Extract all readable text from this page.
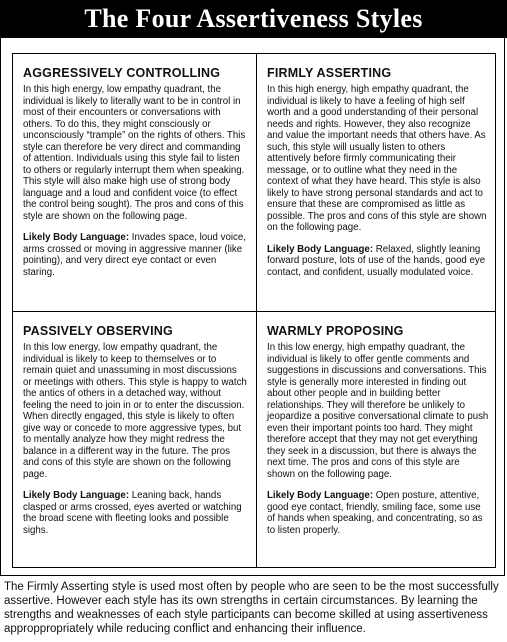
The Four Assertiveness Styles
AGGRESSIVELY CONTROLLING

In this high energy, low empathy quadrant, the individual is likely to literally want to be in control in most of their encounters or conversations with others. To do this, they might consciously or unconsciously “trample” on the rights of others. This style can therefore be very direct and commanding of attention. Individuals using this style fail to listen to others or regularly interrupt them when speaking. This style will also make high use of strong body language and a loud and confident voice (to effect the control being sought). The pros and cons of this style are shown on the following page.

Likely Body Language: Invades space, loud voice, arms crossed or moving in aggressive manner (like pointing), and very direct eye contact or even staring.

FIRMLY ASSERTING

In this high energy, high empathy quadrant, the individual is likely to have a feeling of high self worth and a good understanding of their personal needs and rights. However, they also recognize and value the important needs that others have. As such, this style will usually listen to others attentively before firmly communicating their message, or to outline what they need in the context of what they have heard. This style is also likely to have strong personal standards and act to ensure that these are compromised as little as possible. The pros and cons of this style are shown on the following page.

Likely Body Language: Relaxed, slightly leaning forward posture, lots of use of the hands, good eye contact, and confident, usually modulated voice.

PASSIVELY OBSERVING

In this low energy, low empathy quadrant, the individual is likely to keep to themselves or to remain quiet and unassuming in most discussions or meetings with others. This style is happy to watch the antics of others in a detached way, without feeling the need to join in or to enter the discussion. When directly engaged, this style is likely to often give way or concede to more aggressive types, but to mentally analyze how they might redress the balance in a different way in the future. The pros and cons of this style are shown on the following page.

Likely Body Language: Leaning back, hands clasped or arms crossed, eyes averted or watching the broad scene with fleeting looks and possible sighs.

WARMLY PROPOSING

In this low energy, high empathy quadrant, the individual is likely to offer gentle comments and suggestions in discussions and conversations. This style is generally more interested in finding out about other people and in building better relationships. They will therefore be unlikely to jeopardize a positive conversational climate to push even their important points too hard. They might therefore accept that they may not get everything they seek in a discussion, but there is always the next time. The pros and cons of this style are shown on the following page.

Likely Body Language: Open posture, attentive, good eye contact, friendly, smiling face, some use of hands when speaking, and concentrating, so as to listen properly.

The Firmly Asserting style is used most often by people who are seen to be the most successfully assertive. However each style has its own strengths in certain circumstances. By learning the strengths and weaknesses of each style participants can become skilled at using assertiveness approppropriately while reducing conflict and enhancing their influence.
